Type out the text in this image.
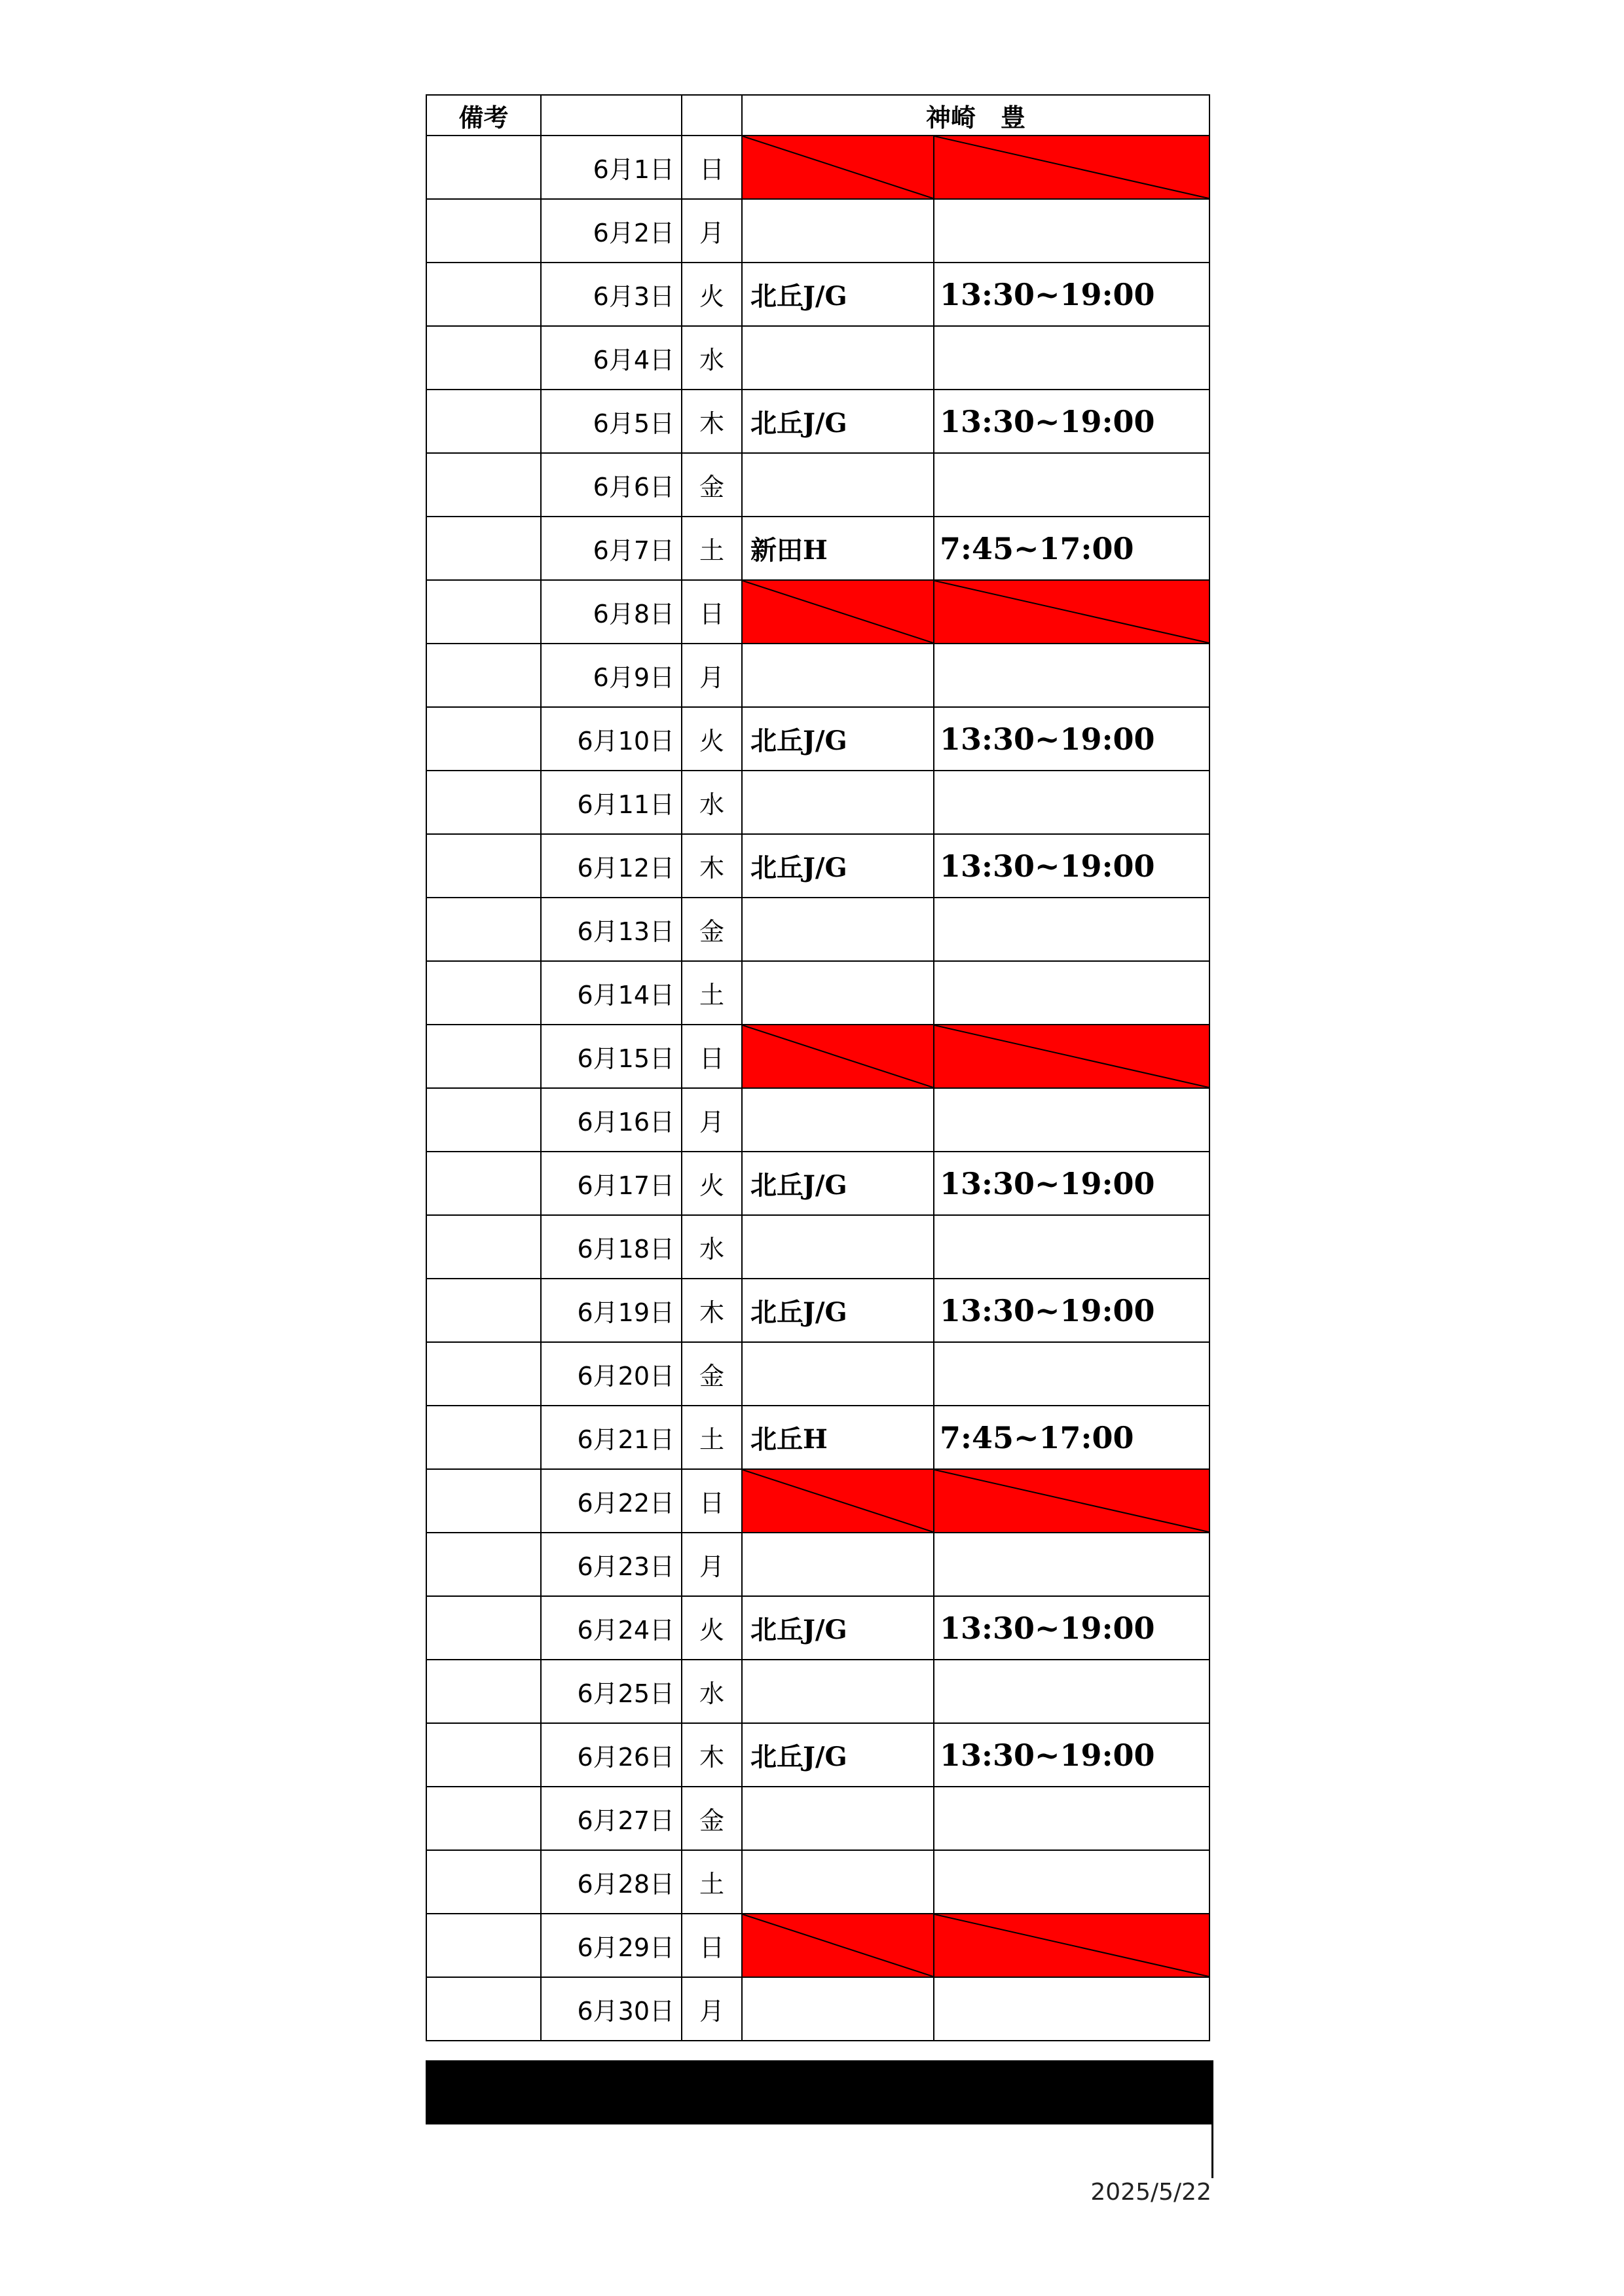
備考			神崎　豊	
	6月1日	日	

	6月2日	月		
	6月3日	火	北丘J/G	13:30~19:00
	6月4日	水		
	6月5日	木	北丘J/G	13:30~19:00
	6月6日	金		
	6月7日	土	新田H	7:45~17:00
	6月8日	日	

	6月9日	月		
	6月10日	火	北丘J/G	13:30~19:00
	6月11日	水		
	6月12日	木	北丘J/G	13:30~19:00
	6月13日	金		
	6月14日	土		
	6月15日	日	

	6月16日	月		
	6月17日	火	北丘J/G	13:30~19:00
	6月18日	水		
	6月19日	木	北丘J/G	13:30~19:00
	6月20日	金		
	6月21日	土	北丘H	7:45~17:00
	6月22日	日	

	6月23日	月		
	6月24日	火	北丘J/G	13:30~19:00
	6月25日	水		
	6月26日	木	北丘J/G	13:30~19:00
	6月27日	金		
	6月28日	土		
	6月29日	日	

	6月30日	月		
2025/5/22
